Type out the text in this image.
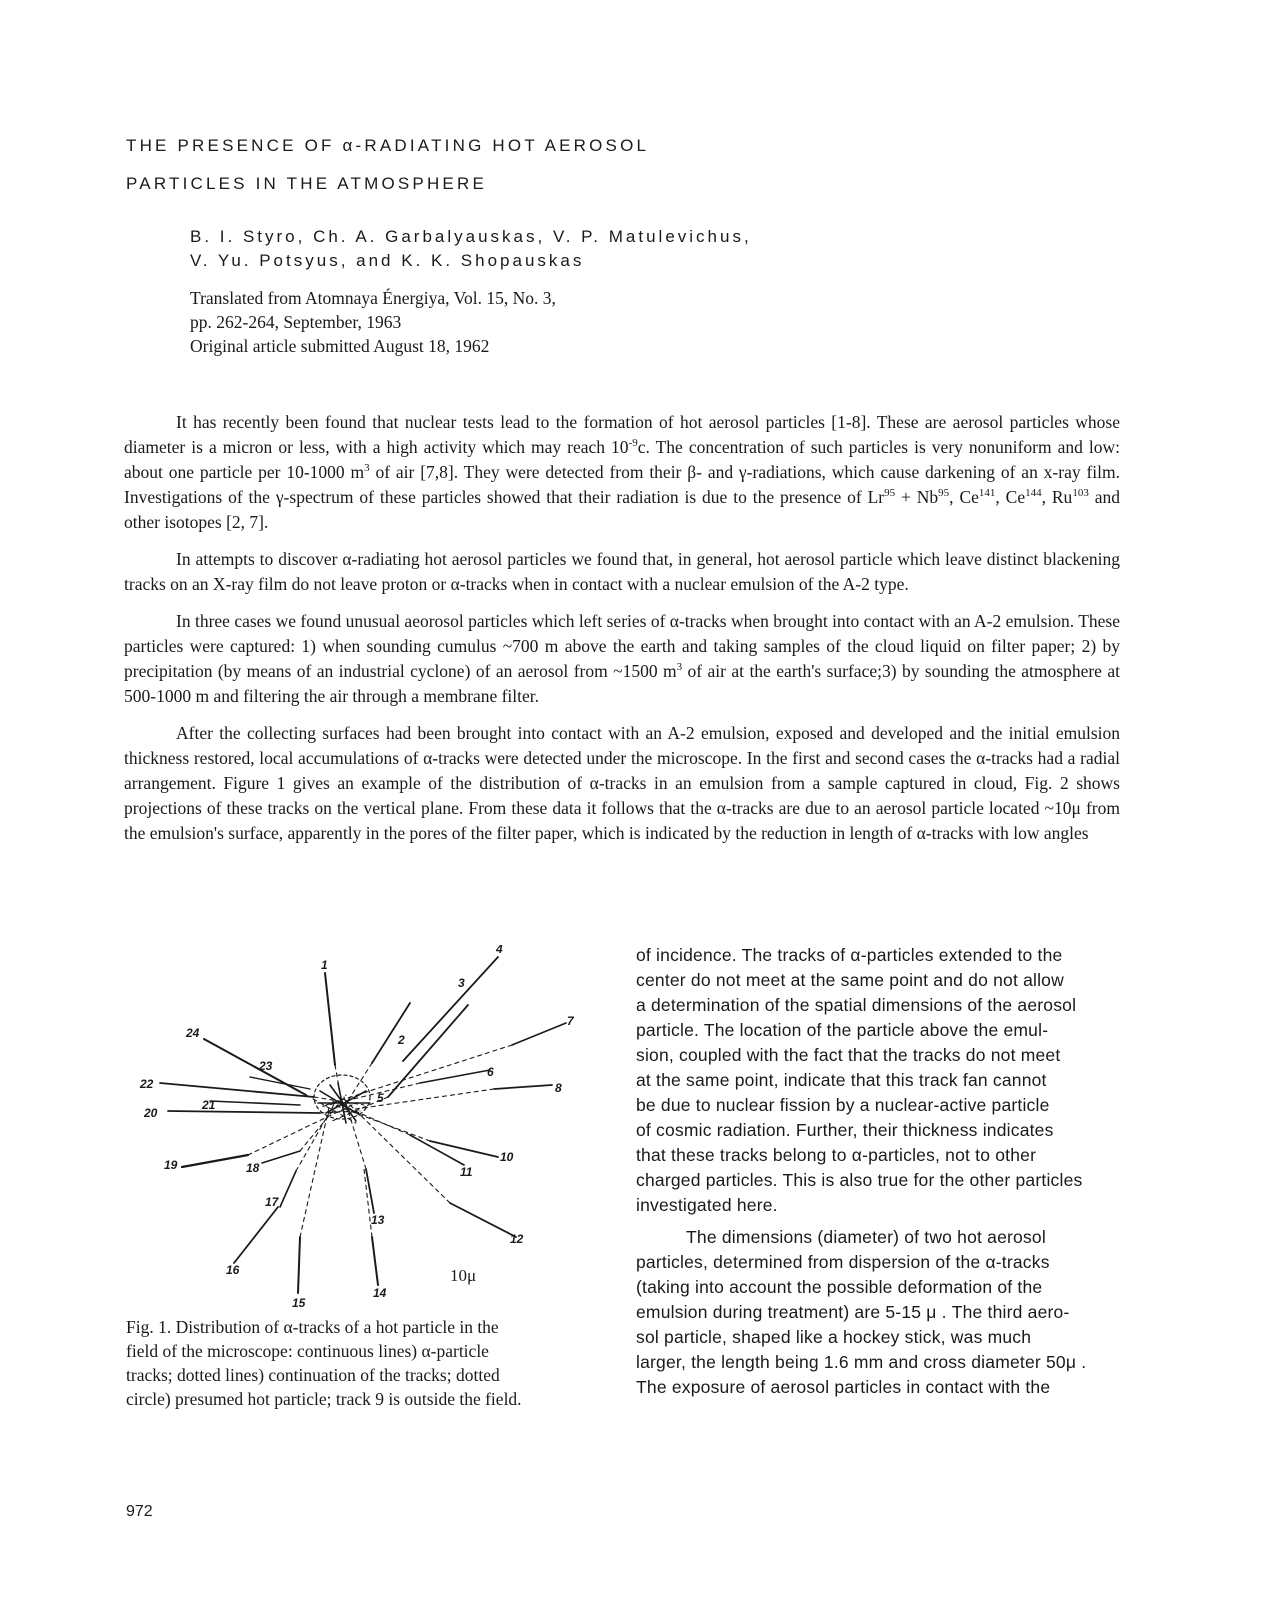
THE PRESENCE OF α-RADIATING HOT AEROSOL
PARTICLES IN THE ATMOSPHERE
B. I. Styro, Ch. A. Garbalyauskas, V. P. Matulevichus,
V. Yu. Potsyus, and K. K. Shopauskas
Translated from Atomnaya Énergiya, Vol. 15, No. 3,
pp. 262-264, September, 1963
Original article submitted August 18, 1962

It has recently been found that nuclear tests lead to the formation of hot aerosol particles [1-8]. These are aerosol particles whose diameter is a micron or less, with a high activity which may reach $10^{-9}c$. The concentration of such particles is very nonuniform and low: about one particle per 10-1000 $m^3$ of air [7,8]. They were detected from their β- and γ-radiations, which cause darkening of an x-ray film. Investigations of the γ-spectrum of these particles showed that their radiation is due to the presence of $Lr^{95} + Nb^{95}$, Ce$^{141}$, Ce$^{144}$, Ru$^{103}$ and other isotopes [2, 7].

In attempts to discover α-radiating hot aerosol particles we found that, in general, hot aerosol particle which leave distinct blackening tracks on an X-ray film do not leave proton or α-tracks when in contact with a nuclear emulsion of the A-2 type.

In three cases we found unusual aeorosol particles which left series of α-tracks when brought into contact with an A-2 emulsion. These particles were captured: 1) when sounding cumulus ~700 m above the earth and taking samples of the cloud liquid on filter paper; 2) by precipitation (by means of an industrial cyclone) of an aerosol from ~1500 $m^3$ of air at the earth's surface;3) by sounding the atmosphere at 500-1000 m and filtering the air through a membrane filter.

After the collecting surfaces had been brought into contact with an A-2 emulsion, exposed and developed and the initial emulsion thickness restored, local accumulations of α-tracks were detected under the microscope. In the first and second cases the α-tracks had a radial arrangement. Figure 1 gives an example of the distribution of α-tracks in an emulsion from a sample captured in cloud, Fig. 2 shows projections of these tracks on the vertical plane. From these data it follows that the α-tracks are due to an aerosol particle located ~10μ from the emulsion's surface, apparently in the pores of the filter paper, which is indicated by the reduction in length of α-tracks with low angles

of incidence. The tracks of α-particles extended to the
center do not meet at the same point and do not allow
a determination of the spatial dimensions of the aerosol
particle. The location of the particle above the emul-
sion, coupled with the fact that the tracks do not meet
at the same point, indicate that this track fan cannot
be due to nuclear fission by a nuclear-active particle
of cosmic radiation. Further, their thickness indicates
that these tracks belong to α-particles, not to other
charged particles. This is also true for the other particles
investigated here.
The dimensions (diameter) of two hot aerosol
particles, determined from dispersion of the α-tracks
(taking into account the possible deformation of the
emulsion during treatment) are 5-15 μ . The third aero-
sol particle, shaped like a hockey stick, was much
larger, the length being 1.6 mm and cross diameter 50μ .
The exposure of aerosol particles in contact with the
1
2
3
4
5
6
7
8
10
11
12
13
14
15
16
17
18
19
20
21
22
23
24
10μ
Fig. 1. Distribution of α-tracks of a hot particle in the
field of the microscope: continuous lines) α-particle
tracks; dotted lines) continuation of the tracks; dotted
circle) presumed hot particle; track 9 is outside the field.
972
